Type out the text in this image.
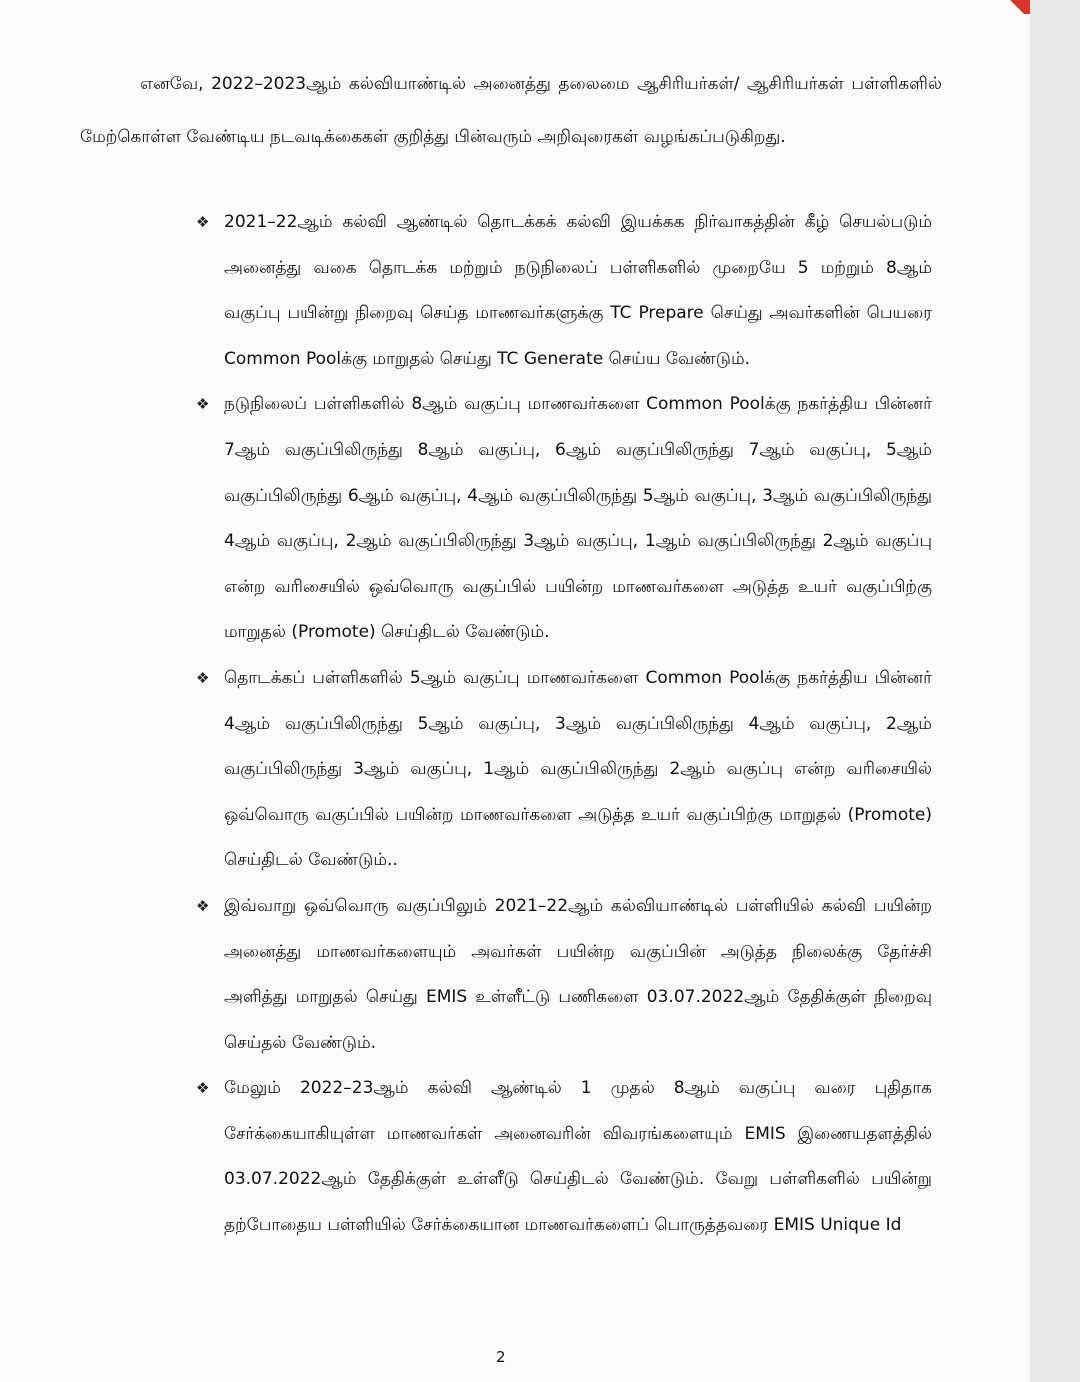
எனவே, 2022–2023ஆம் கல்வியாண்டில் அனைத்து தலைமை ஆசிரியர்கள்/ ஆசிரியர்கள் பள்ளிகளில் மேற்கொள்ள வேண்டிய நடவடிக்கைகள் குறித்து பின்வரும் அறிவுரைகள் வழங்கப்படுகிறது.

❖ 2021–22ஆம் கல்வி ஆண்டில் தொடக்கக் கல்வி இயக்கக நிர்வாகத்தின் கீழ் செயல்படும் அனைத்து வகை தொடக்க மற்றும் நடுநிலைப் பள்ளிகளில் முறையே 5 மற்றும் 8ஆம் வகுப்பு பயின்று நிறைவு செய்த மாணவர்களுக்கு TC Prepare செய்து அவர்களின் பெயரை Common Poolக்கு மாறுதல் செய்து TC Generate செய்ய வேண்டும்.
❖ நடுநிலைப் பள்ளிகளில் 8ஆம் வகுப்பு மாணவர்களை Common Poolக்கு நகர்த்திய பின்னர் 7ஆம் வகுப்பிலிருந்து 8ஆம் வகுப்பு, 6ஆம் வகுப்பிலிருந்து 7ஆம் வகுப்பு, 5ஆம் வகுப்பிலிருந்து 6ஆம் வகுப்பு, 4ஆம் வகுப்பிலிருந்து 5ஆம் வகுப்பு, 3ஆம் வகுப்பிலிருந்து 4ஆம் வகுப்பு, 2ஆம் வகுப்பிலிருந்து 3ஆம் வகுப்பு, 1ஆம் வகுப்பிலிருந்து 2ஆம் வகுப்பு என்ற வரிசையில் ஒவ்வொரு வகுப்பில் பயின்ற மாணவர்களை அடுத்த உயர் வகுப்பிற்கு மாறுதல் (Promote) செய்திடல் வேண்டும்.
❖ தொடக்கப் பள்ளிகளில் 5ஆம் வகுப்பு மாணவர்களை Common Poolக்கு நகர்த்திய பின்னர் 4ஆம் வகுப்பிலிருந்து 5ஆம் வகுப்பு, 3ஆம் வகுப்பிலிருந்து 4ஆம் வகுப்பு, 2ஆம் வகுப்பிலிருந்து 3ஆம் வகுப்பு, 1ஆம் வகுப்பிலிருந்து 2ஆம் வகுப்பு என்ற வரிசையில் ஒவ்வொரு வகுப்பில் பயின்ற மாணவர்களை அடுத்த உயர் வகுப்பிற்கு மாறுதல் (Promote) செய்திடல் வேண்டும்..
❖ இவ்வாறு ஒவ்வொரு வகுப்பிலும் 2021–22ஆம் கல்வியாண்டில் பள்ளியில் கல்வி பயின்ற அனைத்து மாணவர்களையும் அவர்கள் பயின்ற வகுப்பின் அடுத்த நிலைக்கு தேர்ச்சி அளித்து மாறுதல் செய்து EMIS உள்ளீட்டு பணிகளை 03.07.2022ஆம் தேதிக்குள் நிறைவு செய்தல் வேண்டும்.
❖ மேலும் 2022–23ஆம் கல்வி ஆண்டில் 1 முதல் 8ஆம் வகுப்பு வரை புதிதாக சேர்க்கையாகியுள்ள மாணவர்கள் அனைவரின் விவரங்களையும் EMIS இணையதளத்தில் 03.07.2022ஆம் தேதிக்குள் உள்ளீடு செய்திடல் வேண்டும். வேறு பள்ளிகளில் பயின்று தற்போதைய பள்ளியில் சேர்க்கையான மாணவர்களைப் பொருத்தவரை EMIS Unique Id
2
